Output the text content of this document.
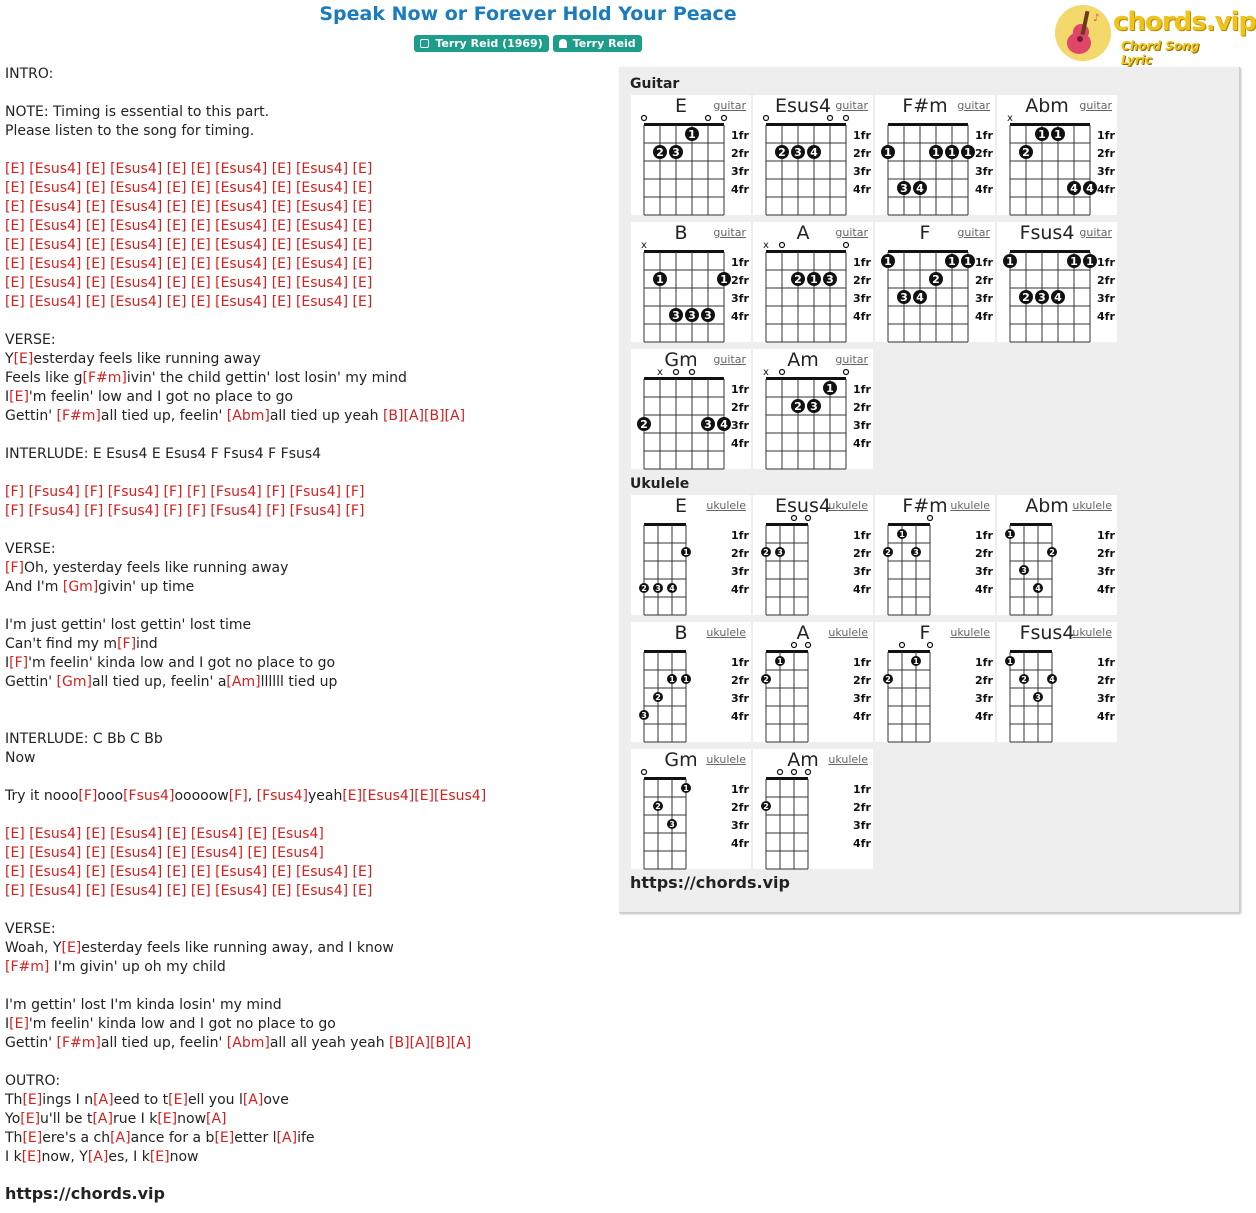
Speak Now or Forever Hold Your Peace
Terry Reid (1969)	Terry Reid
♪ chords.vip
Chord Song Lyric
INTRO:
NOTE: Timing is essential to this part.
Please listen to the song for timing.
[E] [Esus4] [E] [Esus4] [E] [E] [Esus4] [E] [Esus4] [E]
[E] [Esus4] [E] [Esus4] [E] [E] [Esus4] [E] [Esus4] [E]
[E] [Esus4] [E] [Esus4] [E] [E] [Esus4] [E] [Esus4] [E]
[E] [Esus4] [E] [Esus4] [E] [E] [Esus4] [E] [Esus4] [E]
[E] [Esus4] [E] [Esus4] [E] [E] [Esus4] [E] [Esus4] [E]
[E] [Esus4] [E] [Esus4] [E] [E] [Esus4] [E] [Esus4] [E]
[E] [Esus4] [E] [Esus4] [E] [E] [Esus4] [E] [Esus4] [E]
[E] [Esus4] [E] [Esus4] [E] [E] [Esus4] [E] [Esus4] [E]
VERSE:
Y[E]esterday feels like running away
Feels like g[F#m]ivin' the child gettin' lost losin' my mind
I[E]'m feelin' low and I got no place to go
Gettin' [F#m]all tied up, feelin' [Abm]all tied up yeah [B][A][B][A]
INTERLUDE: E Esus4 E Esus4 F Fsus4 F Fsus4
[F] [Fsus4] [F] [Fsus4] [F] [F] [Fsus4] [F] [Fsus4] [F]
[F] [Fsus4] [F] [Fsus4] [F] [F] [Fsus4] [F] [Fsus4] [F]
VERSE:
[F]Oh, yesterday feels like running away
And I'm [Gm]givin' up time
I'm just gettin' lost gettin' lost time
Can't find my m[F]ind
I[F]'m feelin' kinda low and I got no place to go
Gettin' [Gm]all tied up, feelin' a[Am]llllll tied up
INTERLUDE: C Bb C Bb
Now
Try it nooo[F]ooo[Fsus4]ooooow[F], [Fsus4]yeah[E][Esus4][E][Esus4]
[E] [Esus4] [E] [Esus4] [E] [Esus4] [E] [Esus4]
[E] [Esus4] [E] [Esus4] [E] [Esus4] [E] [Esus4]
[E] [Esus4] [E] [Esus4] [E] [E] [Esus4] [E] [Esus4] [E]
[E] [Esus4] [E] [Esus4] [E] [E] [Esus4] [E] [Esus4] [E]
VERSE:
Woah, Y[E]esterday feels like running away, and I know
[F#m] I'm givin' up oh my child
I'm gettin' lost I'm kinda losin' my mind
I[E]'m feelin' kinda low and I got no place to go
Gettin' [F#m]all tied up, feelin' [Abm]all all yeah yeah [B][A][B][A]
OUTRO:
Th[E]ings I n[A]eed to t[E]ell you l[A]ove
Yo[E]u'll be t[A]rue I k[E]now[A]
Th[E]ere's a ch[A]ance for a b[E]etter l[A]ife
I k[E]now, Y[A]es, I k[E]now
https://chords.vip
Guitar
1fr
2fr
3fr
4fr
2 3
1
E	guitar
1fr
2fr
3fr
4fr
2 3 4
Esus4 guitar
1fr
2fr
3fr
4fr
1
3 4
1 1 1
F#m guitar
1fr
2fr
3fr
4fr
x
2
1 1
4 4
Abm guitar
1fr
2fr
3fr
4fr
x
1
3 3 3
1
B	guitar
1fr
2fr
3fr
4fr
x
2 1 3
A	guitar
1fr
2fr
3fr
4fr
1
3 4
2
1 1
F	guitar
1fr
2fr
3fr
4fr
1
2 3 4
1 1
Fsus4 guitar
1fr
2fr
3fr
4fr
2
x
3 4
Gm	guitar
1fr
2fr
3fr
4fr
x
2 3
1
Am	guitar
Ukulele
1fr
2fr
3fr
4fr
2 3 4
1
E	ukulele
1fr
2fr
3fr
4fr
2 3
Esus4
ukulele
1fr
2fr
3fr
4fr
2
1
3
F#m ukulele
1fr
2fr
3fr
4fr
1
3
4
2
Abm ukulele
1fr
2fr
3fr
4fr
3
2
1 1
B	ukulele
1fr
2fr
3fr
4fr
2
1
A	ukulele
1fr
2fr
3fr
4fr
2
1
F	ukulele
1fr
2fr
3fr
4fr
1
2
3
4
Fsus4
ukulele
1fr
2fr
3fr
4fr
2
3
1
Gm ukulele
1fr
2fr
3fr
4fr
2
Am ukulele
https://chords.vip
